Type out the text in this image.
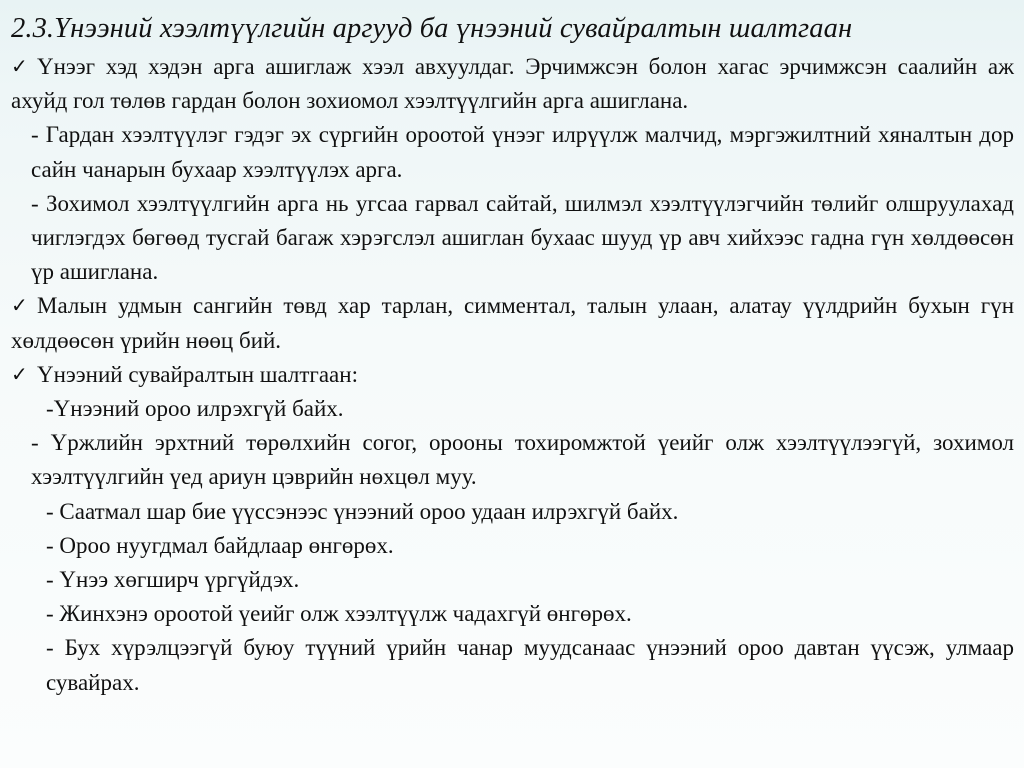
2.3.Үнээний хээлтүүлгийн аргууд ба үнээний сувайралтын шалтгаан

✓ Үнээг хэд хэдэн арга ашиглаж хээл авхуулдаг. Эрчимжсэн болон хагас эрчимжсэн саалийн аж ахуйд гол төлөв гардан болон зохиомол хээлтүүлгийн арга ашиглана.

- Гардан хээлтүүлэг гэдэг эх сүргийн ороотой үнээг илрүүлж малчид, мэргэжилтний хяналтын дор сайн чанарын бухаар хээлтүүлэх арга.

- Зохимол хээлтүүлгийн арга нь угсаа гарвал сайтай, шилмэл хээлтүүлэгчийн төлийг олшруулахад чиглэгдэх бөгөөд тусгай багаж хэрэгслэл ашиглан бухаас шууд үр авч хийхээс гадна гүн хөлдөөсөн үр ашиглана.

✓ Малын удмын сангийн төвд хар тарлан, симментал, талын улаан, алатау үүлдрийн бухын гүн хөлдөөсөн үрийн нөөц бий.

✓ Үнээний сувайралтын шалтгаан:

-Үнээний ороо илрэхгүй байх.

- Үржлийн эрхтний төрөлхийн согог, орооны тохиромжтой үеийг олж хээлтүүлээгүй, зохимол хээлтүүлгийн үед ариун цэврийн нөхцөл муу.

- Саатмал шар бие үүссэнээс үнээний ороо удаан илрэхгүй байх.

- Ороо нуугдмал байдлаар өнгөрөх.

- Үнээ хөгширч үргүйдэх.

- Жинхэнэ ороотой үеийг олж хээлтүүлж чадахгүй өнгөрөх.

- Бух хүрэлцээгүй буюу түүний үрийн чанар муудсанаас үнээний ороо давтан үүсэж, улмаар сувайрах.
